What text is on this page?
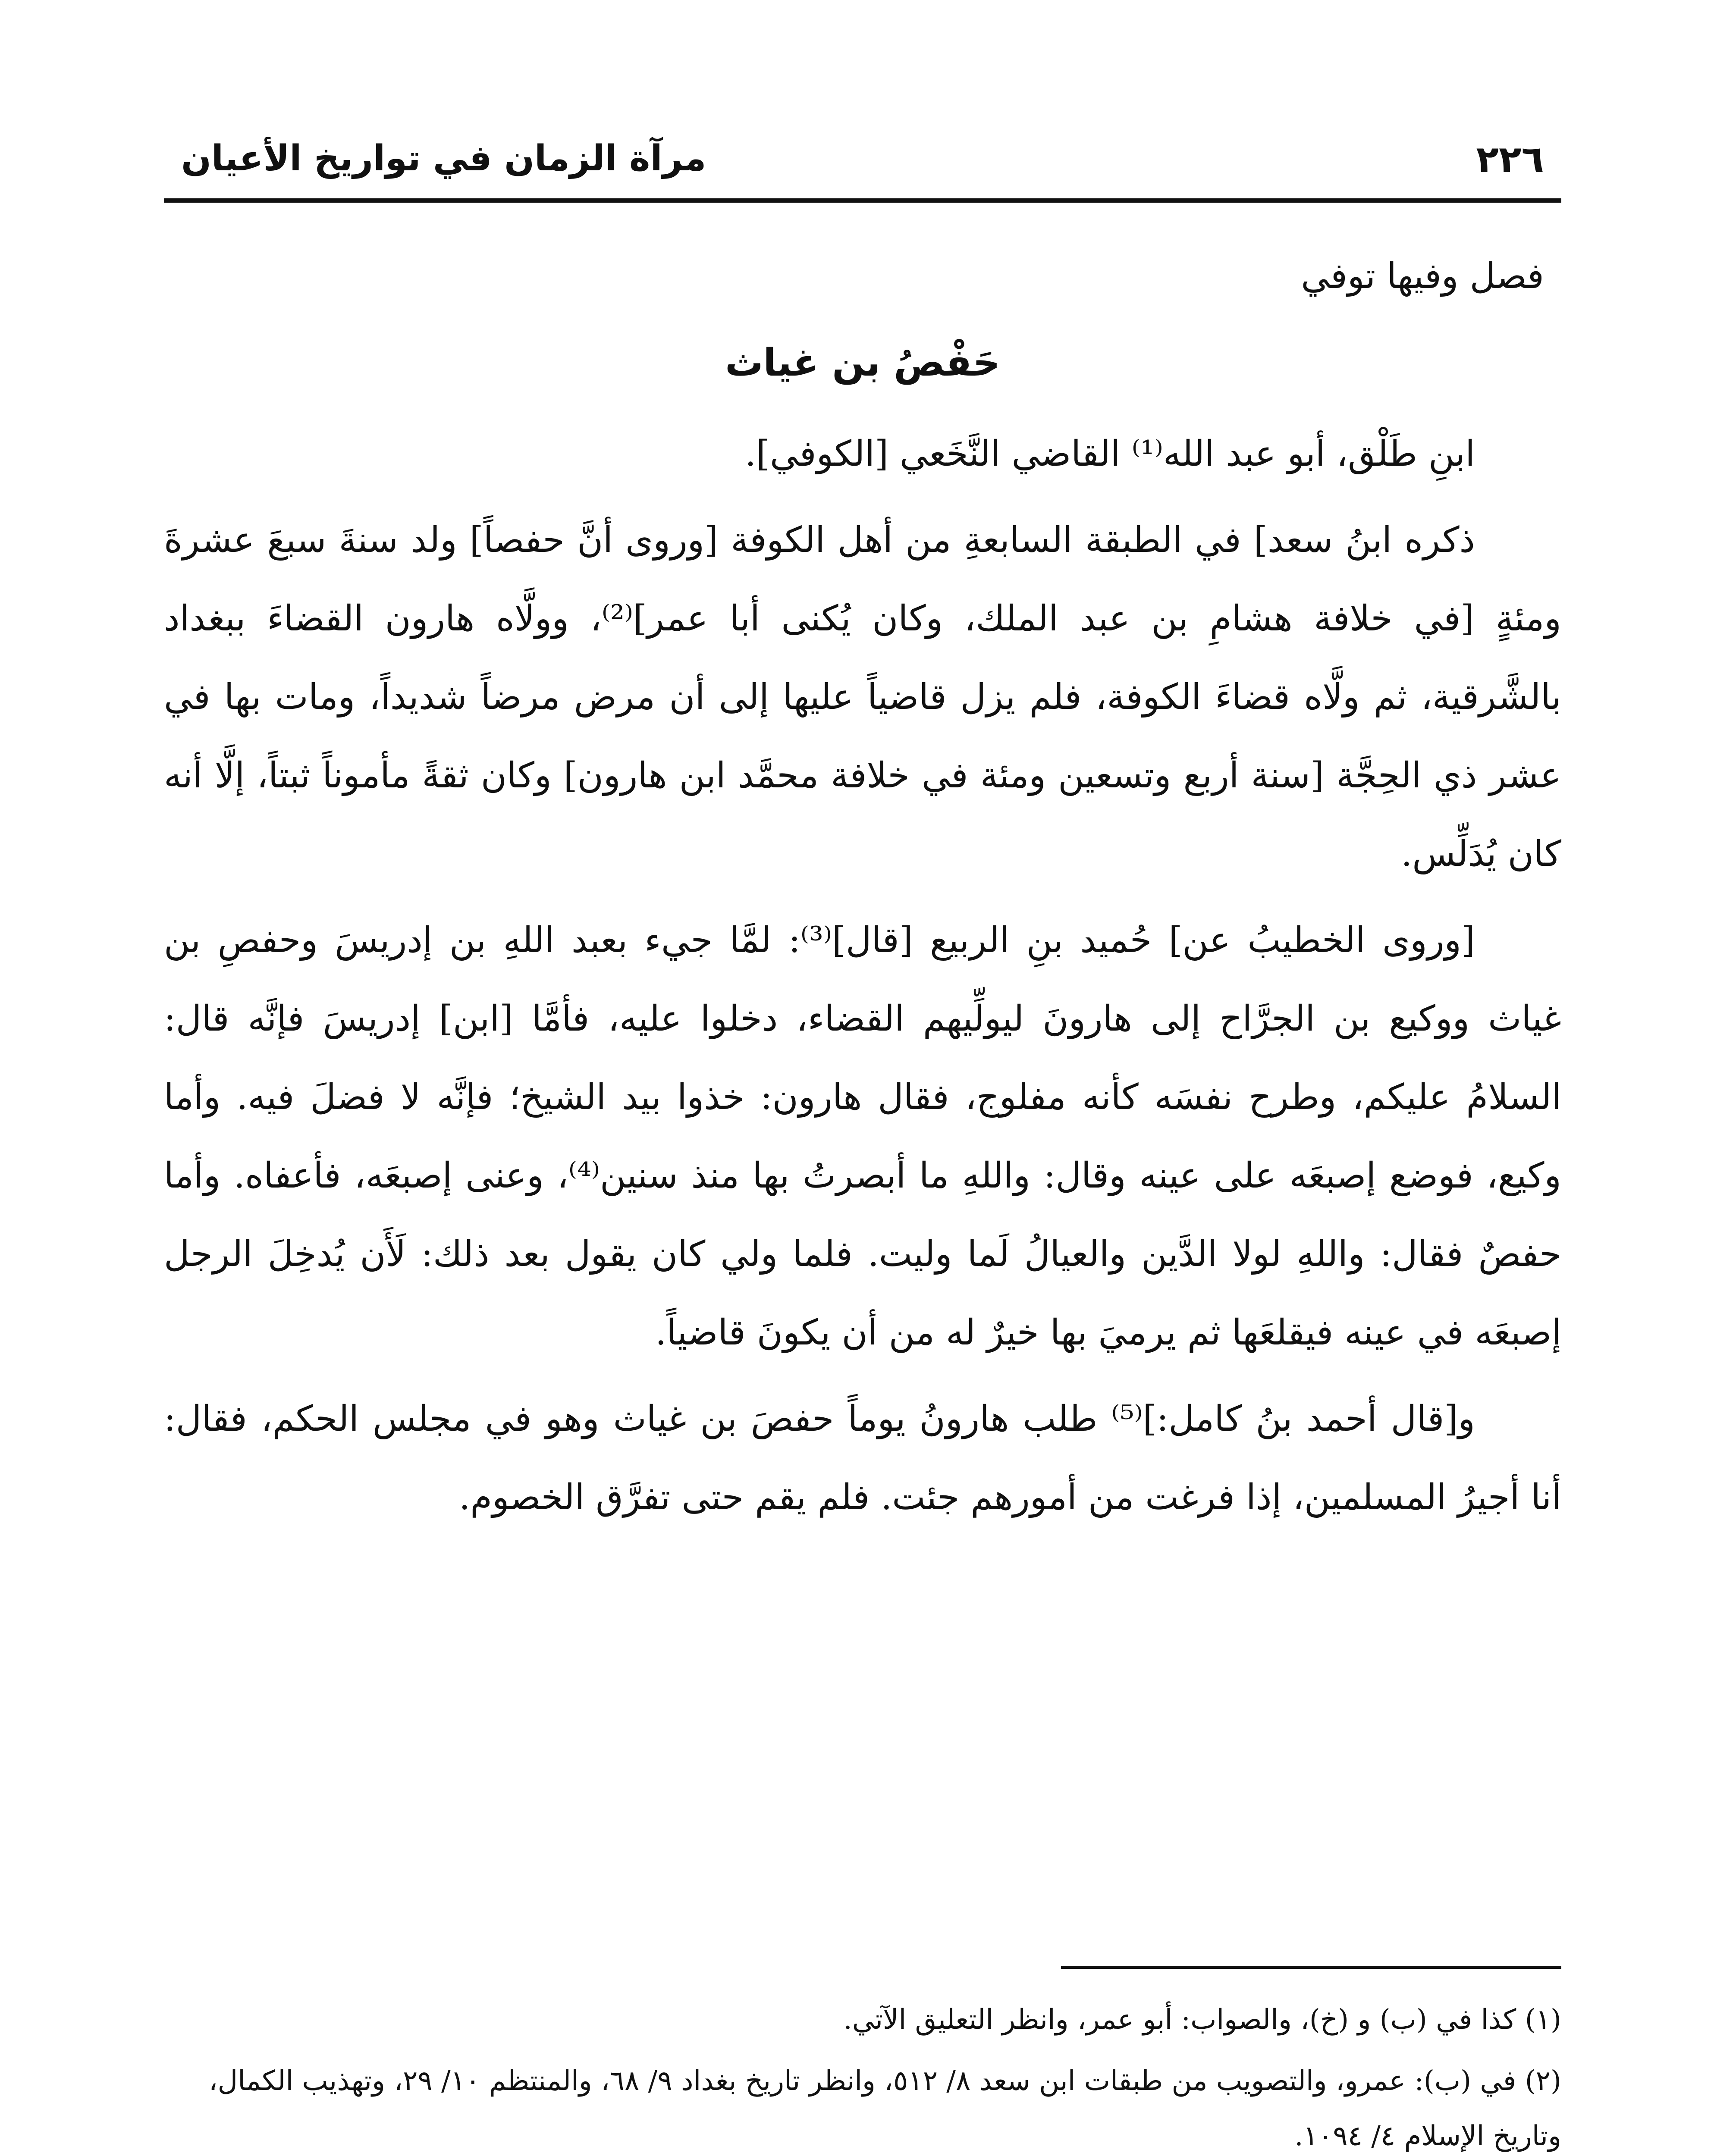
٢٢٦
مرآة الزمان في تواريخ الأعيان

فصل وفيها توفي

حَفْصُ بن غياث

ابنِ طَلْق، أبو عبد الله⁽¹⁾ القاضي النَّخَعي [الكوفي].

ذكره ابنُ سعد] في الطبقة السابعةِ من أهل الكوفة [وروى أنَّ حفصاً] ولد سنةَ سبعَ عشرةَ ومئةٍ [في خلافة هشامِ بن عبد الملك، وكان يُكنى أبا عمر]⁽²⁾، وولَّاه هارون القضاءَ ببغداد بالشَّرقية، ثم ولَّاه قضاءَ الكوفة، فلم يزل قاضياً عليها إلى أن مرض مرضاً شديداً، ومات بها في عشر ذي الحِجَّة [سنة أربع وتسعين ومئة في خلافة محمَّد ابن هارون] وكان ثقةً مأموناً ثبتاً، إلَّا أنه كان يُدَلِّس.

[وروى الخطيبُ عن] حُميد بنِ الربيع [قال]⁽³⁾: لمَّا جيء بعبد اللهِ بن إدريسَ وحفصِ بن غياث ووكيع بن الجرَّاح إلى هارونَ ليولِّيهم القضاء، دخلوا عليه، فأمَّا [ابن] إدريسَ فإنَّه قال: السلامُ عليكم، وطرح نفسَه كأنه مفلوج، فقال هارون: خذوا بيد الشيخ؛ فإنَّه لا فضلَ فيه. وأما وكيع، فوضع إصبعَه على عينه وقال: واللهِ ما أبصرتُ بها منذ سنين⁽⁴⁾، وعنى إصبعَه، فأعفاه. وأما حفصٌ فقال: واللهِ لولا الدَّين والعيالُ لَما وليت. فلما ولي كان يقول بعد ذلك: لَأَن يُدخِلَ الرجل إصبعَه في عينه فيقلعَها ثم يرميَ بها خيرٌ له من أن يكونَ قاضياً.

و[قال أحمد بنُ كامل:]⁽⁵⁾ طلب هارونُ يوماً حفصَ بن غياث وهو في مجلس الحكم، فقال: أنا أجيرُ المسلمين، إذا فرغت من أمورهم جئت. فلم يقم حتى تفرَّق الخصوم.

(١) كذا في (ب) و (خ)، والصواب: أبو عمر، وانظر التعليق الآتي.

(٢) في (ب): عمرو، والتصويب من طبقات ابن سعد ٨/ ٥١٢، وانظر تاريخ بغداد ٩/ ٦٨، والمنتظم ١٠/ ٢٩، وتهذيب الكمال، وتاريخ الإسلام ٤/ ١٠٩٤.
